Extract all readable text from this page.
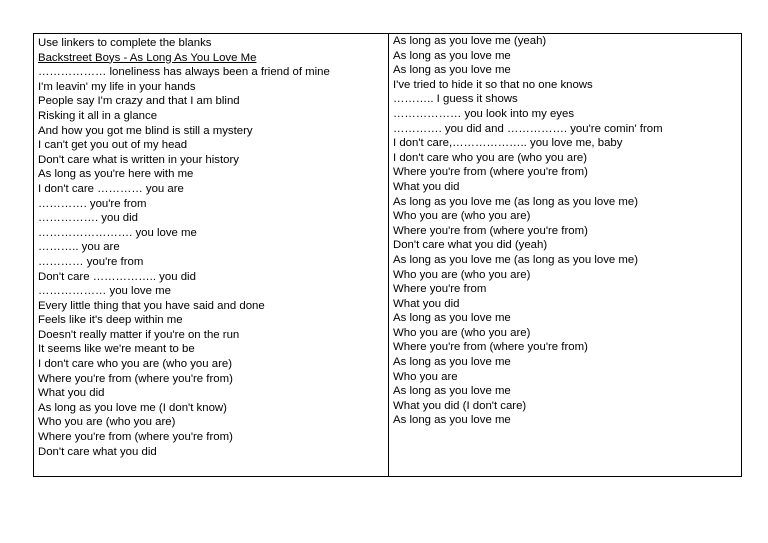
Use linkers to complete the blanks
Backstreet Boys - As Long As You Love Me
……………… loneliness has always been a friend of mine
I'm leavin' my life in your hands
People say I'm crazy and that I am blind
Risking it all in a glance
And how you got me blind is still a mystery
I can't get you out of my head
Don't care what is written in your history
As long as you're here with me
I don't care ………… you are
…………. you're from
……………. you did
……………………. you love me
……….. you are
………… you're from
Don't care …………….. you did
……………… you love me
Every little thing that you have said and done
Feels like it's deep within me
Doesn't really matter if you're on the run
It seems like we're meant to be
I don't care who you are (who you are)
Where you're from (where you're from)
What you did
As long as you love me (I don't know)
Who you are (who you are)
Where you're from (where you're from)
Don't care what you did
As long as you love me (yeah)
As long as you love me
As long as you love me
I've tried to hide it so that no one knows
……….. I guess it shows
……………… you look into my eyes
…………. you did and ……………. you're comin' from
I don't care,……………….. you love me, baby
I don't care who you are (who you are)
Where you're from (where you're from)
What you did
As long as you love me (as long as you love me)
Who you are (who you are)
Where you're from (where you're from)
Don't care what you did (yeah)
As long as you love me (as long as you love me)
Who you are (who you are)
Where you're from
What you did
As long as you love me
Who you are (who you are)
Where you're from (where you're from)
As long as you love me
Who you are
As long as you love me
What you did (I don't care)
As long as you love me
